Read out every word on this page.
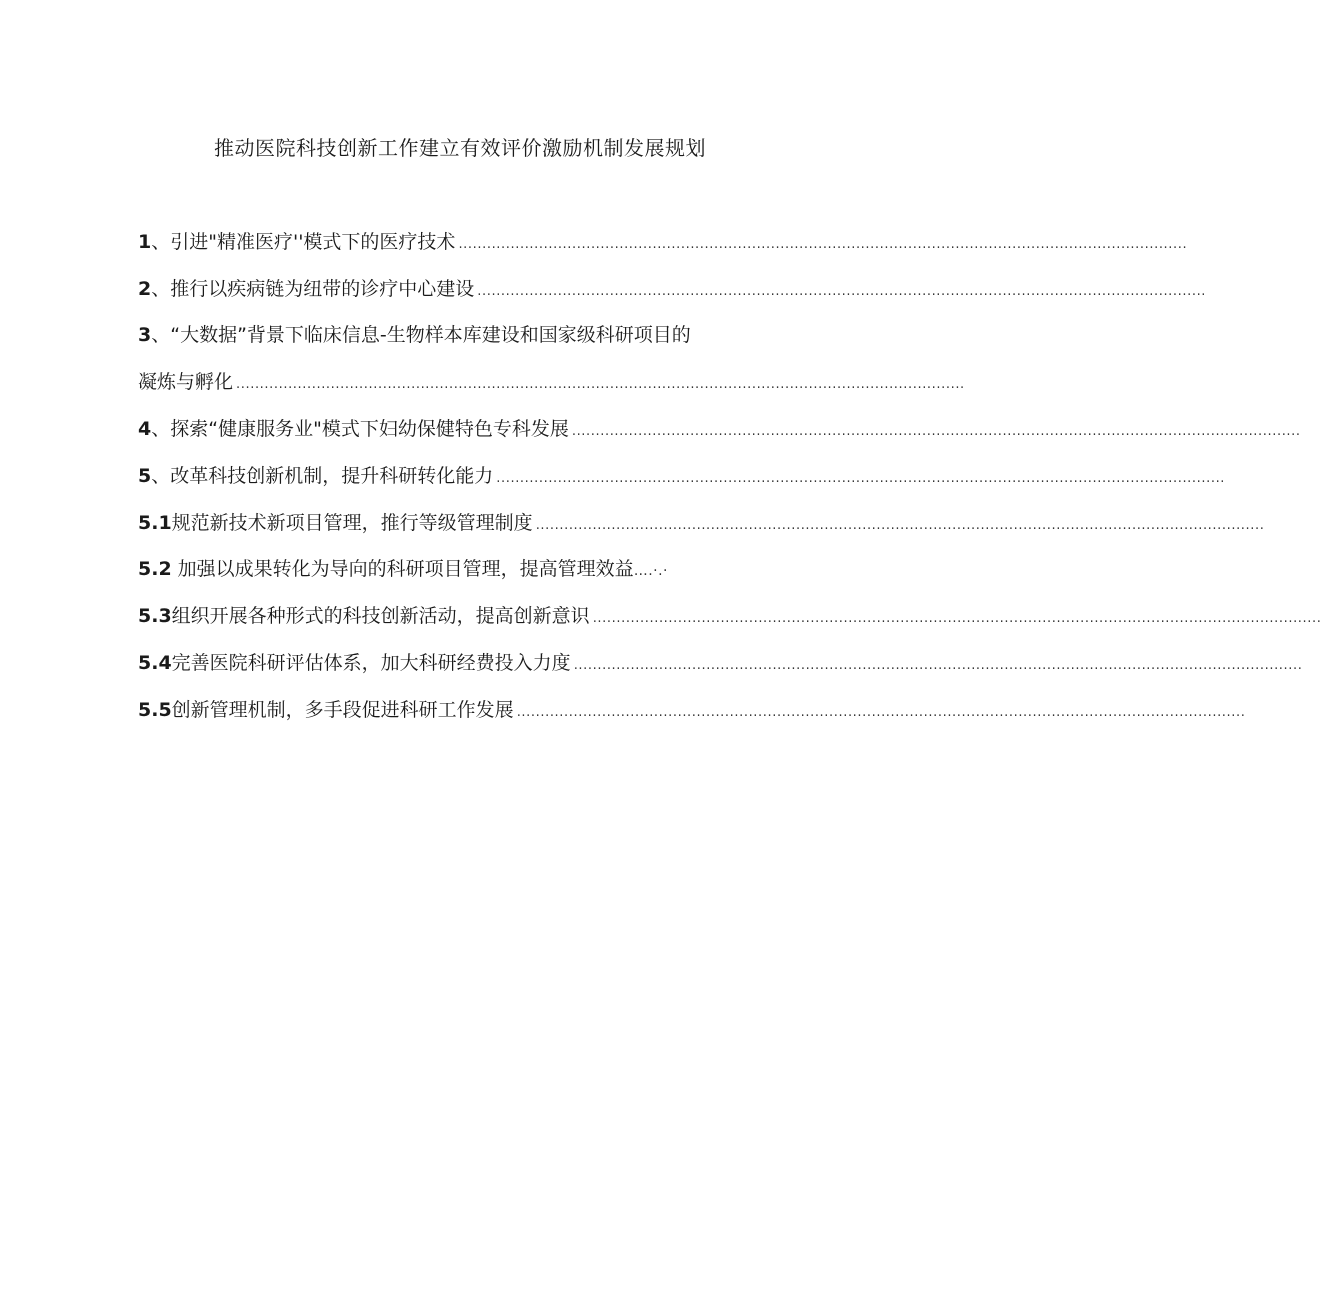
推动医院科技创新工作建立有效评价激励机制发展规划
1 、 引进"精准医疗''模式下的医疗技术 ..........................................................................................................................................................
2 、 推行以疾病链为纽带的诊疗中心建设 ..........................................................................................................................................................
3 、 “大数据”背景下临床信息-生物样本库建设和国家级科研项目的
凝炼与孵化 ..........................................................................................................................................................
4 、 探索“健康服务业"模式下妇幼保健特色专科发展 ..........................................................................................................................................................
5 、 改革科技创新机制，提升科研转化能力 ..........................................................................................................................................................
5.1 规范新技术新项目管理，推行等级管理制度 ..........................................................................................................................................................
5.2 加强以成果转化为导向的科研项目管理，提高管理效益 ….·.·
5.3 组织开展各种形式的科技创新活动，提高创新意识 ..........................................................................................................................................................
5.4 完善医院科研评估体系，加大科研经费投入力度 ..........................................................................................................................................................
5.5 创新管理机制，多手段促进科研工作发展 ..........................................................................................................................................................
